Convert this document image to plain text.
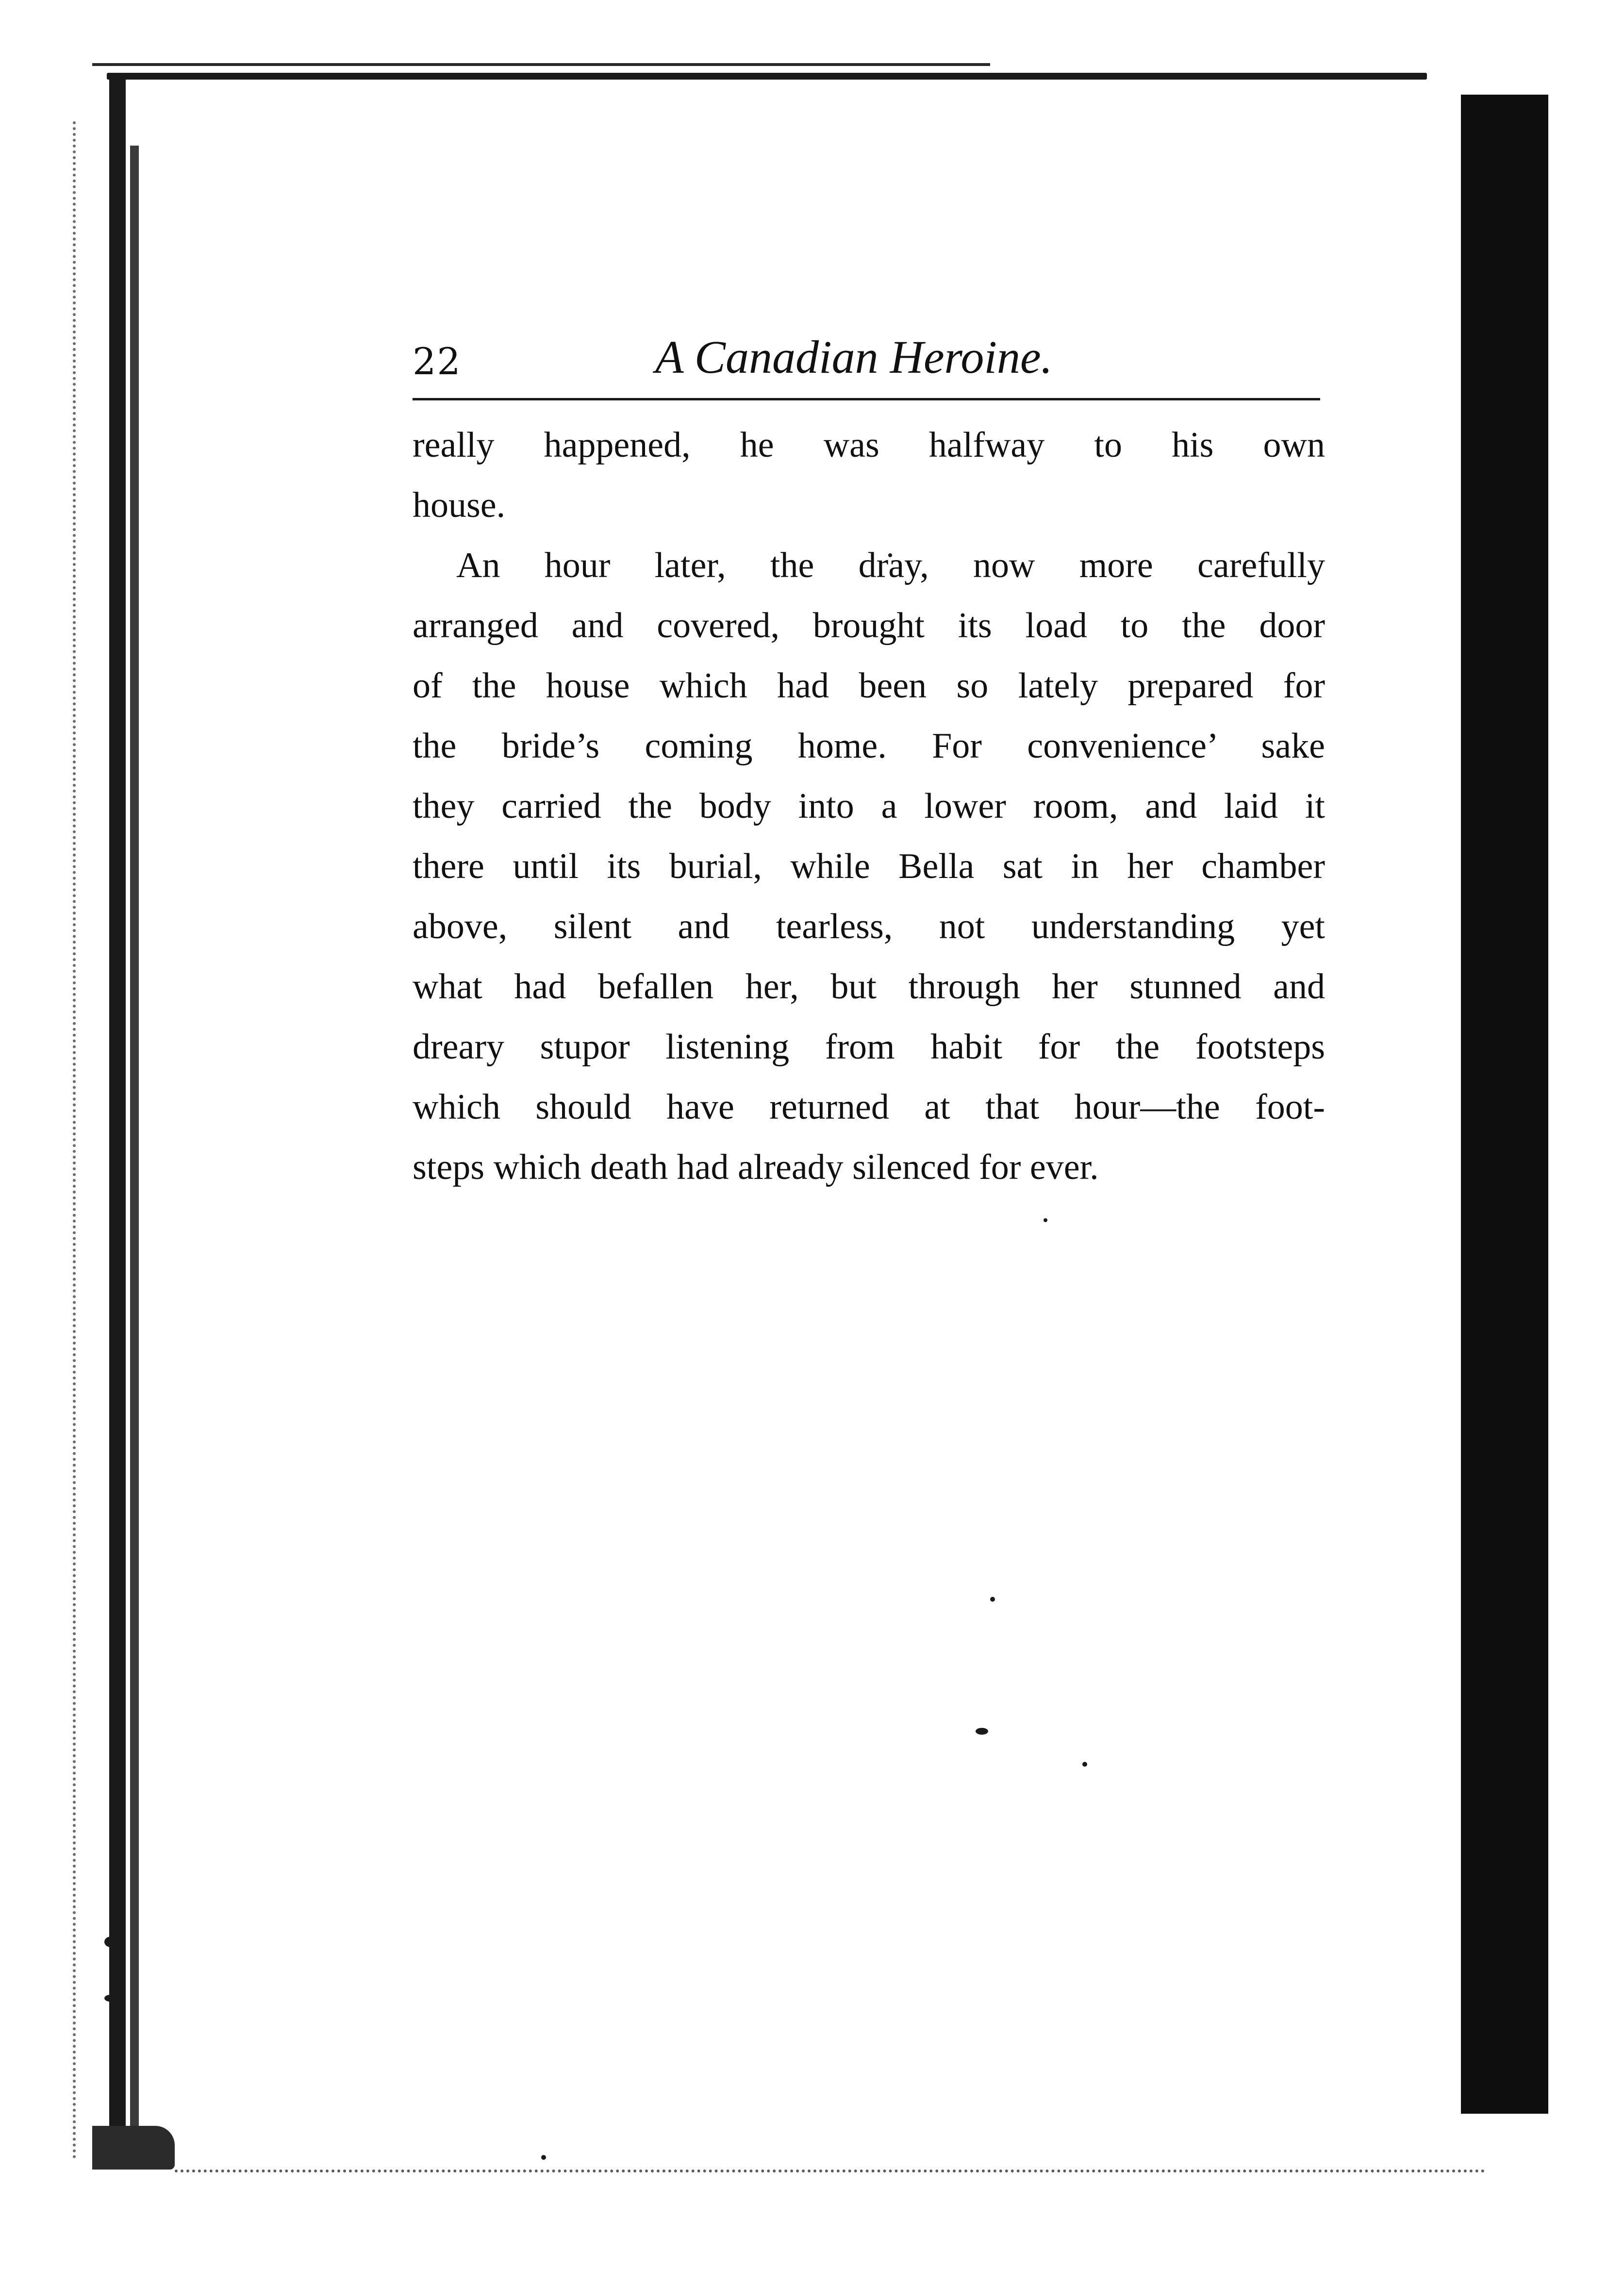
22	A Canadian Heroine.

really happened, he was halfway to his own
house.

An hour later, the dray, now more carefully
arranged and covered, brought its load to the door
of the house which had been so lately prepared for
the bride’s coming home. For convenience’ sake
they carried the body into a lower room, and laid it
there until its burial, while Bella sat in her chamber
above, silent and tearless, not understanding yet
what had befallen her, but through her stunned and
dreary stupor listening from habit for the footsteps
which should have returned at that hour—the foot-
steps which death had already silenced for ever.
